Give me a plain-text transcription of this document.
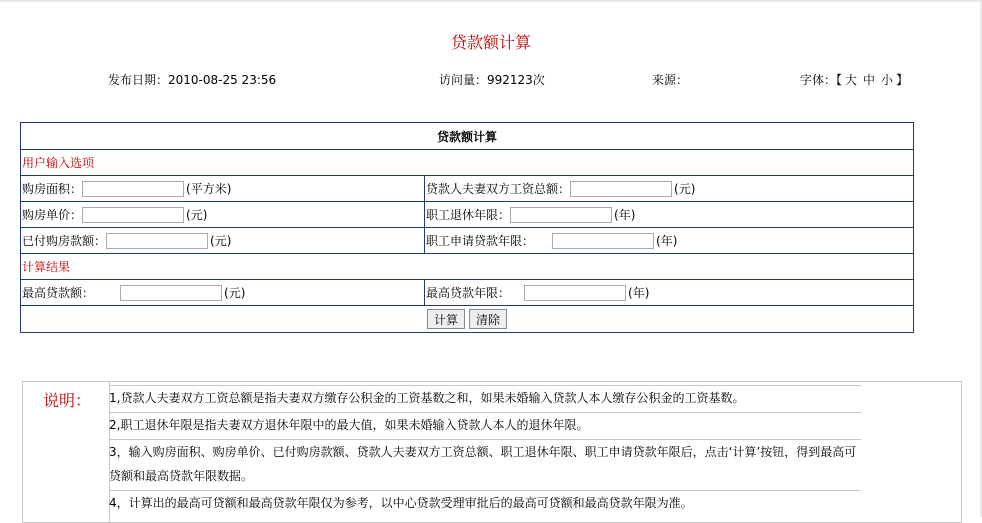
贷款额计算
发布日期：2010-08-25 23:56	访问量：992123次	来源：	字体：【 大 中 小 】
贷款额计算
用户输入选项
购房面积：	(平方米)	贷款人夫妻双方工资总额：	(元)
购房单价：	(元)	职工退休年限：	(年)
已付购房款额：	(元)	职工申请贷款年限：	(年)
计算结果
最高贷款额：	(元)	最高贷款年限：	(年)
计算	清除
说明： 1,贷款人夫妻双方工资总额是指夫妻双方缴存公积金的工资基数之和，如果未婚输入贷款人本人缴存公积金的工资基数。
2,职工退休年限是指夫妻双方退休年限中的最大值，如果未婚输入贷款人本人的退休年限。
3，输入购房面积、购房单价、已付购房款额、贷款人夫妻双方工资总额、职工退休年限、职工申请贷款年限后，点击‘计算’按钮，得到最高可贷额和最高贷款年限数据。
4，计算出的最高可贷额和最高贷款年限仅为参考，以中心贷款受理审批后的最高可贷额和最高贷款年限为准。
